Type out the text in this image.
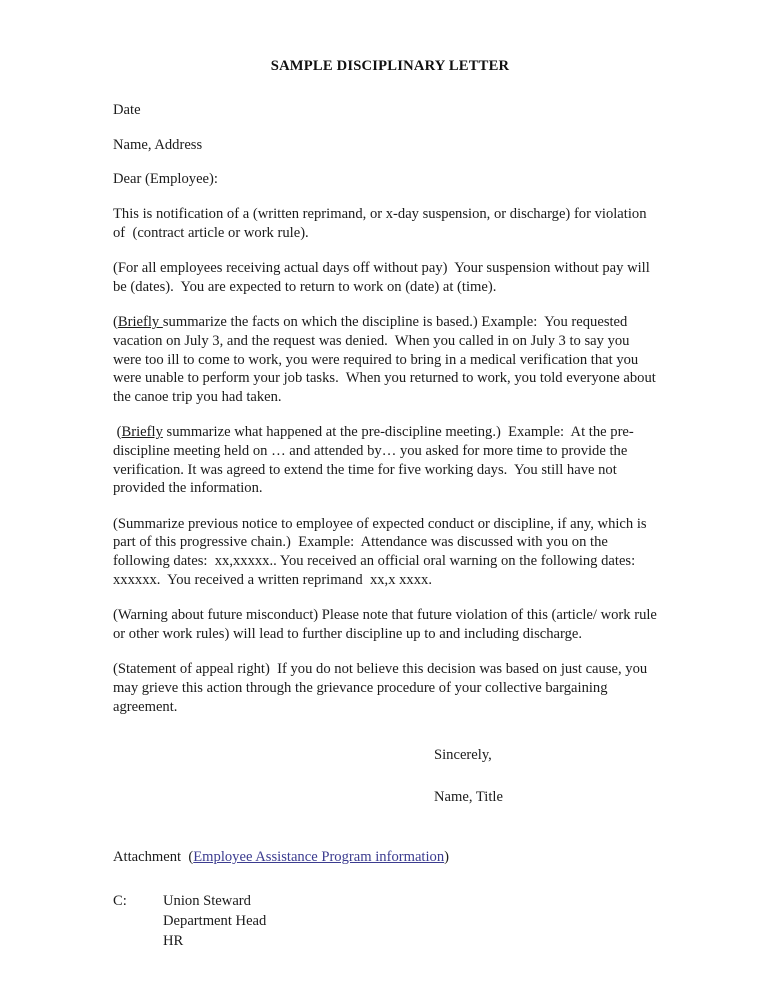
SAMPLE DISCIPLINARY LETTER
Date
Name, Address
Dear (Employee):

This is notification of a (written reprimand, or x-day suspension, or discharge) for violation of  (contract article or work rule).

(For all employees receiving actual days off without pay)  Your suspension without pay will be (dates).  You are expected to return to work on (date) at (time).

(Briefly summarize the facts on which the discipline is based.) Example:  You requested vacation on July 3, and the request was denied.  When you called in on July 3 to say you were too ill to come to work, you were required to bring in a medical verification that you were unable to perform your job tasks.  When you returned to work, you told everyone about the canoe trip you had taken.

(Briefly summarize what happened at the pre-discipline meeting.)  Example:  At the pre-discipline meeting held on … and attended by… you asked for more time to provide the verification. It was agreed to extend the time for five working days.  You still have not provided the information.

(Summarize previous notice to employee of expected conduct or discipline, if any, which is part of this progressive chain.)  Example:  Attendance was discussed with you on the following dates:  xx,xxxxx.. You received an official oral warning on the following dates: xxxxxx.  You received a written reprimand  xx,x xxxx.

(Warning about future misconduct) Please note that future violation of this (article/ work rule or other work rules) will lead to further discipline up to and including discharge.

(Statement of appeal right)  If you do not believe this decision was based on just cause, you may grieve this action through the grievance procedure of your collective bargaining agreement.

Sincerely,
Name, Title
Attachment  (Employee Assistance Program information)
C:	Union Steward
Department Head
HR
